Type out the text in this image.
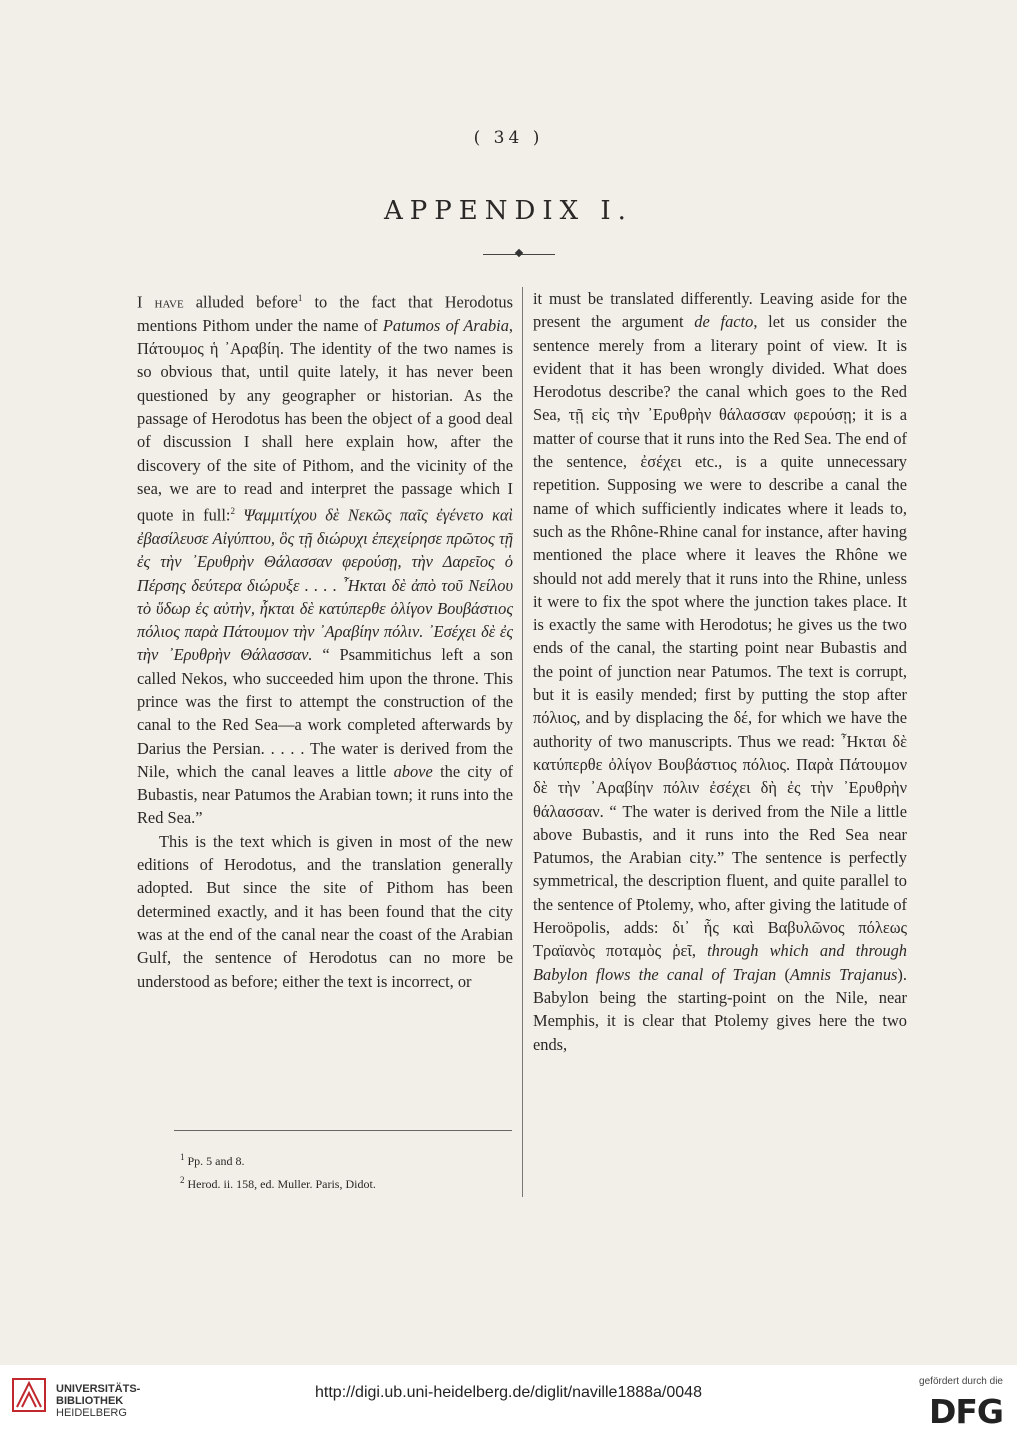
( 34 )
APPENDIX I.

I have alluded before$^1$ to the fact that Herodotus mentions Pithom under the name of Patumos of Arabia, Πάτουμος ἡ ᾿Αραβίη. The identity of the two names is so obvious that, until quite lately, it has never been questioned by any geographer or historian. As the passage of Herodotus has been the object of a good deal of discussion I shall here explain how, after the discovery of the site of Pithom, and the vicinity of the sea, we are to read and interpret the passage which I quote in full:$^2$ Ψαμμιτίχου δὲ Νεκῶς παῖς ἐγένετο καὶ ἐβασίλευσε Αἰγύπτου, ὃς τῇ διώρυχι ἐπεχείρησε πρῶτος τῇ ἐς τὴν ᾿Ερυθρὴν Θάλασσαν φερούσῃ, τὴν Δαρεῖος ὁ Πέρσης δεύτερα διώρυξε . . . . ῏Ηκται δὲ ἀπὸ τοῦ Νείλου τὸ ὕδωρ ἐς αὐτὴν, ἧκται δὲ κατύπερθε ὀλίγον Βουβάστιος πόλιος παρὰ Πάτουμον τὴν ᾿Αραβίην πόλιν. ᾿Εσέχει δὲ ἐς τὴν ᾿Ερυθρὴν Θάλασσαν. “ Psammitichus left a son called Nekos, who succeeded him upon the throne. This prince was the first to attempt the construction of the canal to the Red Sea—a work completed afterwards by Darius the Persian. . . . . The water is derived from the Nile, which the canal leaves a little above the city of Bubastis, near Patumos the Arabian town; it runs into the Red Sea.”

This is the text which is given in most of the new editions of Herodotus, and the translation generally adopted. But since the site of Pithom has been determined exactly, and it has been found that the city was at the end of the canal near the coast of the Arabian Gulf, the sentence of Herodotus can no more be understood as before; either the text is incorrect, or

it must be translated differently. Leaving aside for the present the argument de facto, let us consider the sentence merely from a literary point of view. It is evident that it has been wrongly divided. What does Herodotus describe? the canal which goes to the Red Sea, τῇ εἰς τὴν ᾿Ερυθρὴν θάλασσαν φερούσῃ; it is a matter of course that it runs into the Red Sea. The end of the sentence, ἐσέχει etc., is a quite unnecessary repetition. Supposing we were to describe a canal the name of which sufficiently indicates where it leads to, such as the Rhône-Rhine canal for instance, after having mentioned the place where it leaves the Rhône we should not add merely that it runs into the Rhine, unless it were to fix the spot where the junction takes place. It is exactly the same with Herodotus; he gives us the two ends of the canal, the starting point near Bubastis and the point of junction near Patumos. The text is corrupt, but it is easily mended; first by putting the stop after πόλιος, and by displacing the δέ, for which we have the authority of two manuscripts. Thus we read: ῏Ηκται δὲ κατύπερθε ὀλίγον Βουβάστιος πόλιος. Παρὰ Πάτουμον δὲ τὴν ᾿Αραβίην πόλιν ἐσέχει δὴ ἐς τὴν ᾿Ερυθρὴν θάλασσαν. “ The water is derived from the Nile a little above Bubastis, and it runs into the Red Sea near Patumos, the Arabian city.” The sentence is perfectly symmetrical, the description fluent, and quite parallel to the sentence of Ptolemy, who, after giving the latitude of Heroöpolis, adds: δι᾿ ἧς καὶ Βαβυλῶνος πόλεως Τραϊανὸς ποταμὸς ῥεῖ, through which and through Babylon flows the canal of Trajan (Amnis Trajanus). Babylon being the starting-point on the Nile, near Memphis, it is clear that Ptolemy gives here the two ends,

$^1$ Pp. 5 and 8.
$^2$ Herod. ii. 158, ed. Muller. Paris, Didot.
UNIVERSITÄTS-
BIBLIOTHEK
HEIDELBERG
http://digi.ub.uni-heidelberg.de/diglit/naville1888a/0048
gefördert durch die
DFG
